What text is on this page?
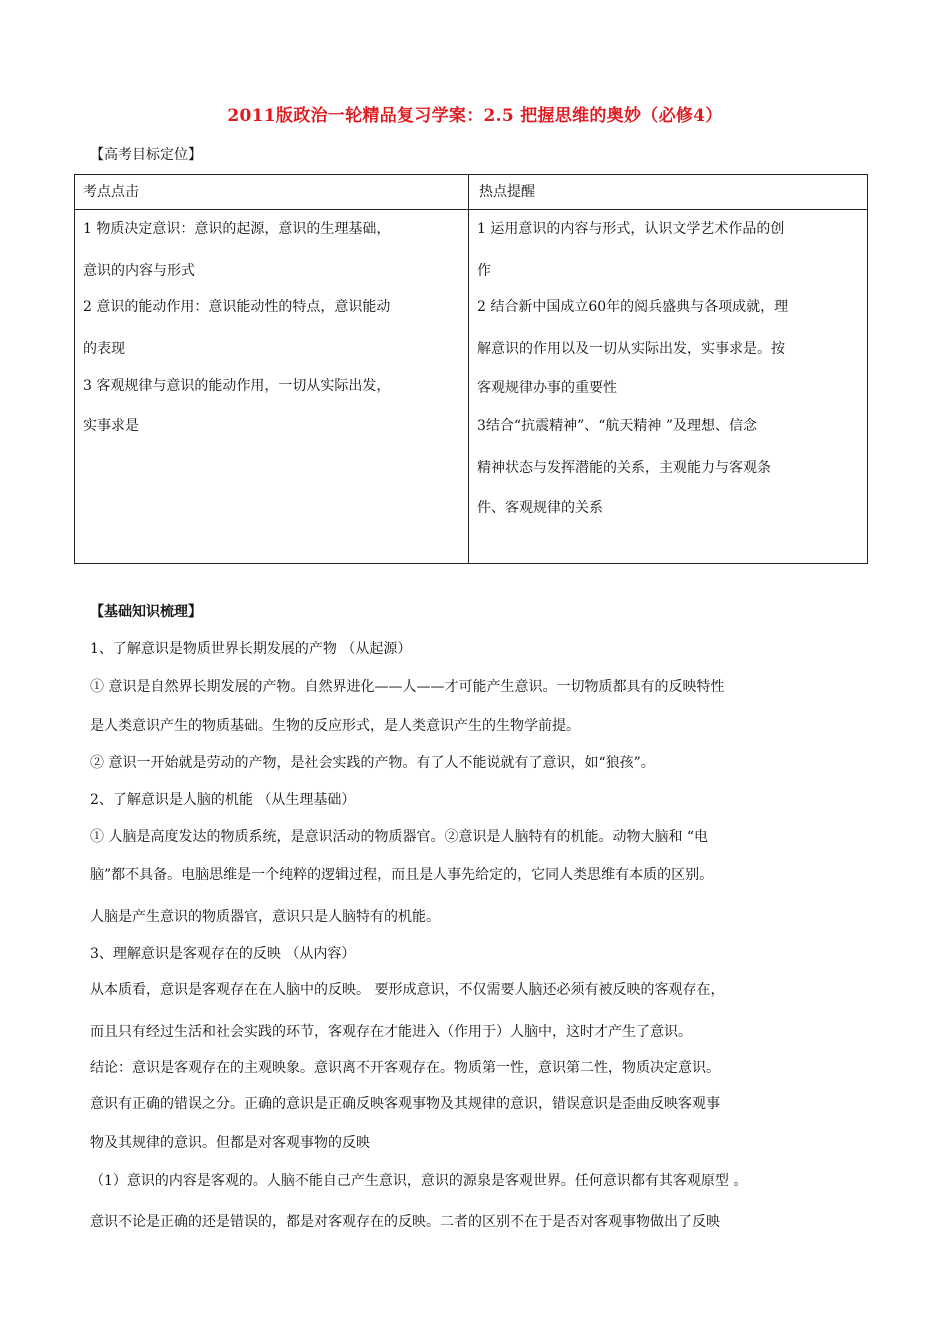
2011版政治一轮精品复习学案：2.5 把握思维的奥妙（必修4）
【高考目标定位】
考点点击	热点提醒
1 物质决定意识：意识的起源，意识的生理基础，
意识的内容与形式
2 意识的能动作用：意识能动性的特点，意识能动
的表现
3 客观规律与意识的能动作用，一切从实际出发，
实事求是
1 运用意识的内容与形式，认识文学艺术作品的创
作
2 结合新中国成立60年的阅兵盛典与各项成就，理
解意识的作用以及一切从实际出发，实事求是。按
客观规律办事的重要性
3结合“抗震精神”、“航天精神 ”及理想、信念
精神状态与发挥潜能的关系，主观能力与客观条
件、客观规律的关系
【基础知识梳理】
1、了解意识是物质世界长期发展的产物 （从起源）
① 意识是自然界长期发展的产物。自然界进化——人——才可能产生意识。一切物质都具有的反映特性
是人类意识产生的物质基础。生物的反应形式，是人类意识产生的生物学前提。
② 意识一开始就是劳动的产物，是社会实践的产物。有了人不能说就有了意识，如“狼孩”。
2、了解意识是人脑的机能 （从生理基础）
① 人脑是高度发达的物质系统，是意识活动的物质器官。②意识是人脑特有的机能。动物大脑和 “电
脑”都不具备。电脑思维是一个纯粹的逻辑过程，而且是人事先给定的，它同人类思维有本质的区别。
人脑是产生意识的物质器官，意识只是人脑特有的机能。
3、理解意识是客观存在的反映 （从内容）
从本质看，意识是客观存在在人脑中的反映。 要形成意识，不仅需要人脑还必须有被反映的客观存在，
而且只有经过生活和社会实践的环节，客观存在才能进入（作用于）人脑中，这时才产生了意识。
结论：意识是客观存在的主观映象。意识离不开客观存在。物质第一性，意识第二性，物质决定意识。
意识有正确的错误之分。正确的意识是正确反映客观事物及其规律的意识，错误意识是歪曲反映客观事
物及其规律的意识。但都是对客观事物的反映
（1）意识的内容是客观的。人脑不能自己产生意识，意识的源泉是客观世界。任何意识都有其客观原型 。
意识不论是正确的还是错误的，都是对客观存在的反映。二者的区别不在于是否对客观事物做出了反映
